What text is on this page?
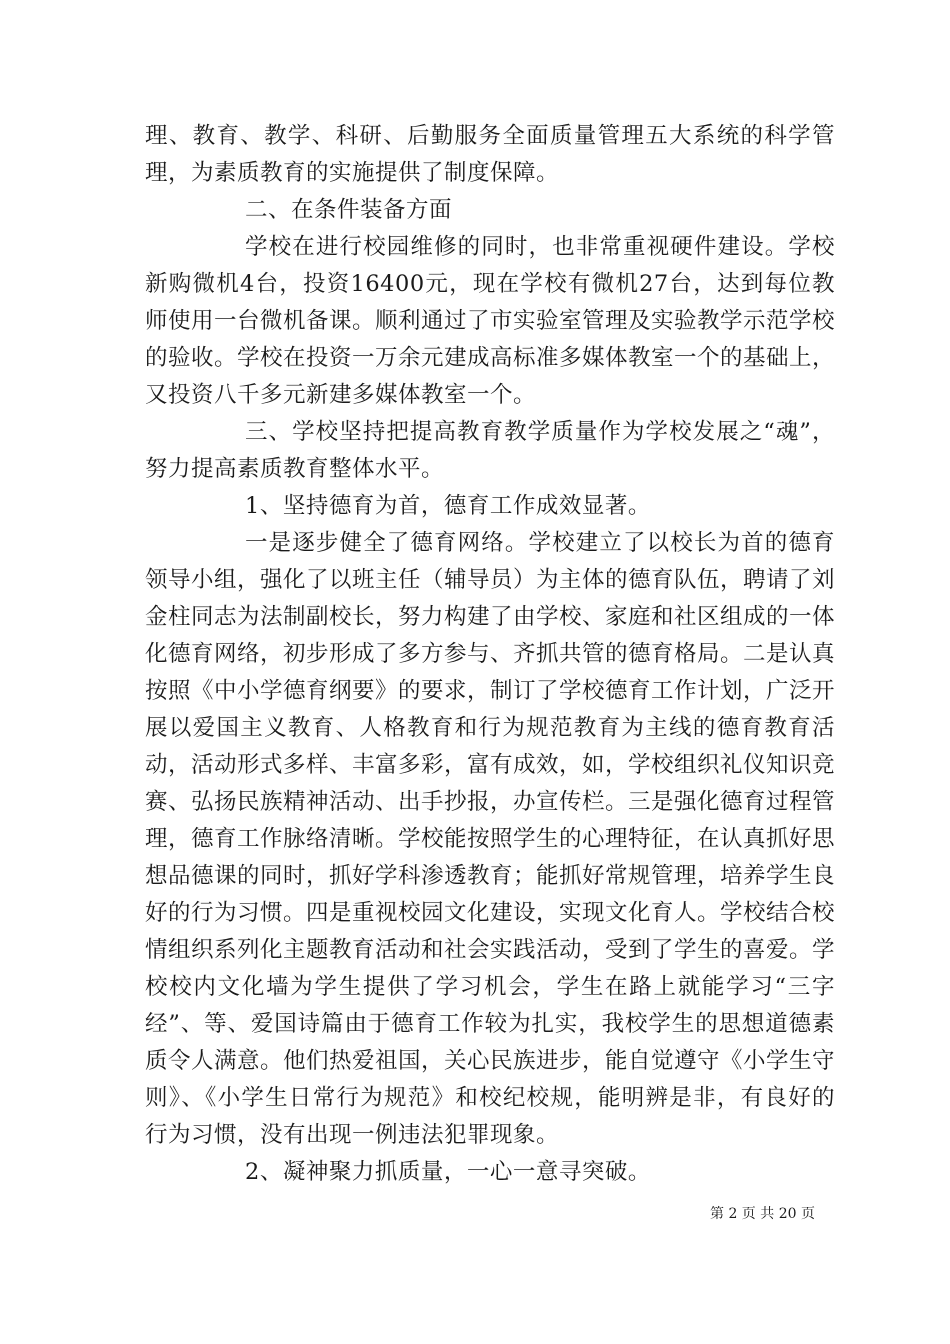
理、教育、教学、科研、后勤服务全面质量管理五大系统的科学管理，为素质教育的实施提供了制度保障。

二、在条件装备方面

学校在进行校园维修的同时，也非常重视硬件建设。学校新购微机4台，投资16400元，现在学校有微机27台，达到每位教师使用一台微机备课。顺利通过了市实验室管理及实验教学示范学校的验收。学校在投资一万余元建成高标准多媒体教室一个的基础上，又投资八千多元新建多媒体教室一个。

三、学校坚持把提高教育教学质量作为学校发展之“魂”，努力提高素质教育整体水平。

1、坚持德育为首，德育工作成效显著。

一是逐步健全了德育网络。学校建立了以校长为首的德育领导小组，强化了以班主任（辅导员）为主体的德育队伍，聘请了刘金柱同志为法制副校长，努力构建了由学校、家庭和社区组成的一体化德育网络，初步形成了多方参与、齐抓共管的德育格局。二是认真按照《中小学德育纲要》的要求，制订了学校德育工作计划，广泛开展以爱国主义教育、人格教育和行为规范教育为主线的德育教育活动，活动形式多样、丰富多彩，富有成效，如，学校组织礼仪知识竞赛、弘扬民族精神活动、出手抄报，办宣传栏。三是强化德育过程管理，德育工作脉络清晰。学校能按照学生的心理特征，在认真抓好思想品德课的同时，抓好学科渗透教育；能抓好常规管理，培养学生良好的行为习惯。四是重视校园文化建设，实现文化育人。学校结合校情组织系列化主题教育活动和社会实践活动，受到了学生的喜爱。学校校内文化墙为学生提供了学习机会，学生在路上就能学习“三字经”、等、爱国诗篇由于德育工作较为扎实，我校学生的思想道德素质令人满意。他们热爱祖国，关心民族进步，能自觉遵守《小学生守则》、《小学生日常行为规范》和校纪校规，能明辨是非，有良好的行为习惯，没有出现一例违法犯罪现象。

2、凝神聚力抓质量，一心一意寻突破。

第 2 页 共 20 页
